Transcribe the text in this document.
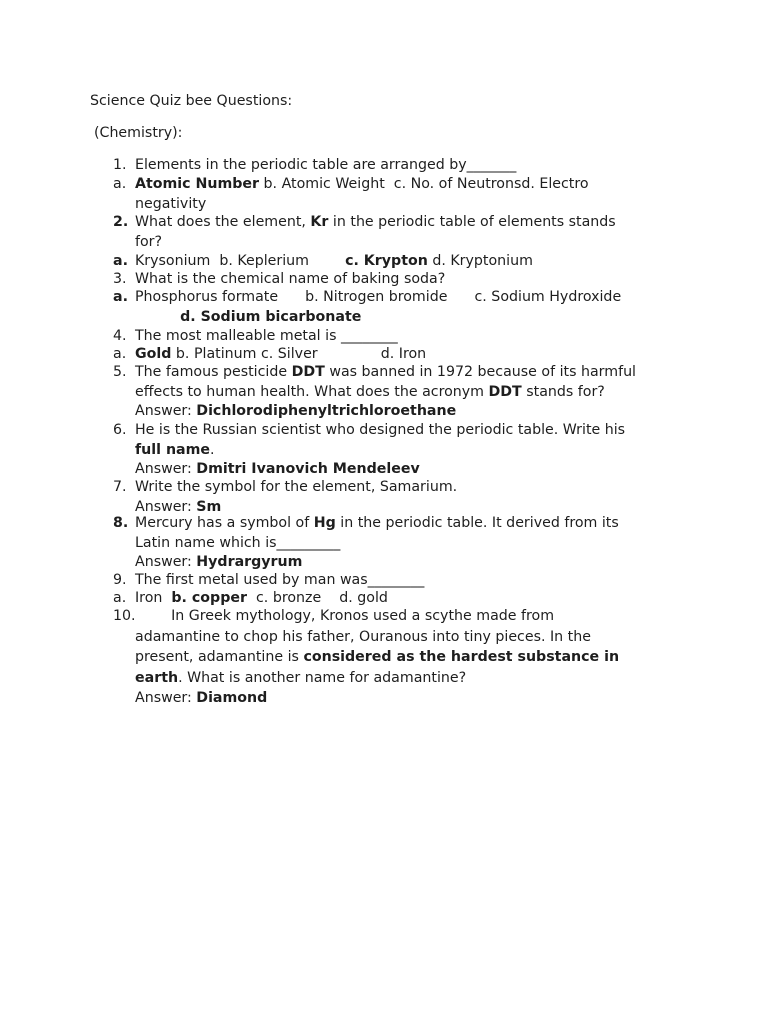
Science Quiz bee Questions:
(Chemistry):
1. Elements in the periodic table are arranged by_______
a. Atomic Number b. Atomic Weight  c. No. of Neutronsd. Electro
negativity
2. What does the element, Kr in the periodic table of elements stands
for?
a. Krysonium  b. Keplerium        c. Krypton d. Kryptonium
3. What is the chemical name of baking soda?
a. Phosphorus formate      b. Nitrogen bromide      c. Sodium Hydroxide
d. Sodium bicarbonate
4. The most malleable metal is ________
a. Gold b. Platinum c. Silver              d. Iron
5. The famous pesticide DDT was banned in 1972 because of its harmful
effects to human health. What does the acronym DDT stands for?
Answer: Dichlorodiphenyltrichloroethane
6. He is the Russian scientist who designed the periodic table. Write his
full name.
Answer: Dmitri Ivanovich Mendeleev
7. Write the symbol for the element, Samarium.
Answer: Sm
8. Mercury has a symbol of Hg in the periodic table. It derived from its
Latin name which is_________
Answer: Hydrargyrum
9. The first metal used by man was________
a. Iron  b. copper  c. bronze    d. gold
10. In Greek mythology, Kronos used a scythe made from
adamantine to chop his father, Ouranous into tiny pieces. In the
present, adamantine is considered as the hardest substance in
earth. What is another name for adamantine?
Answer: Diamond
